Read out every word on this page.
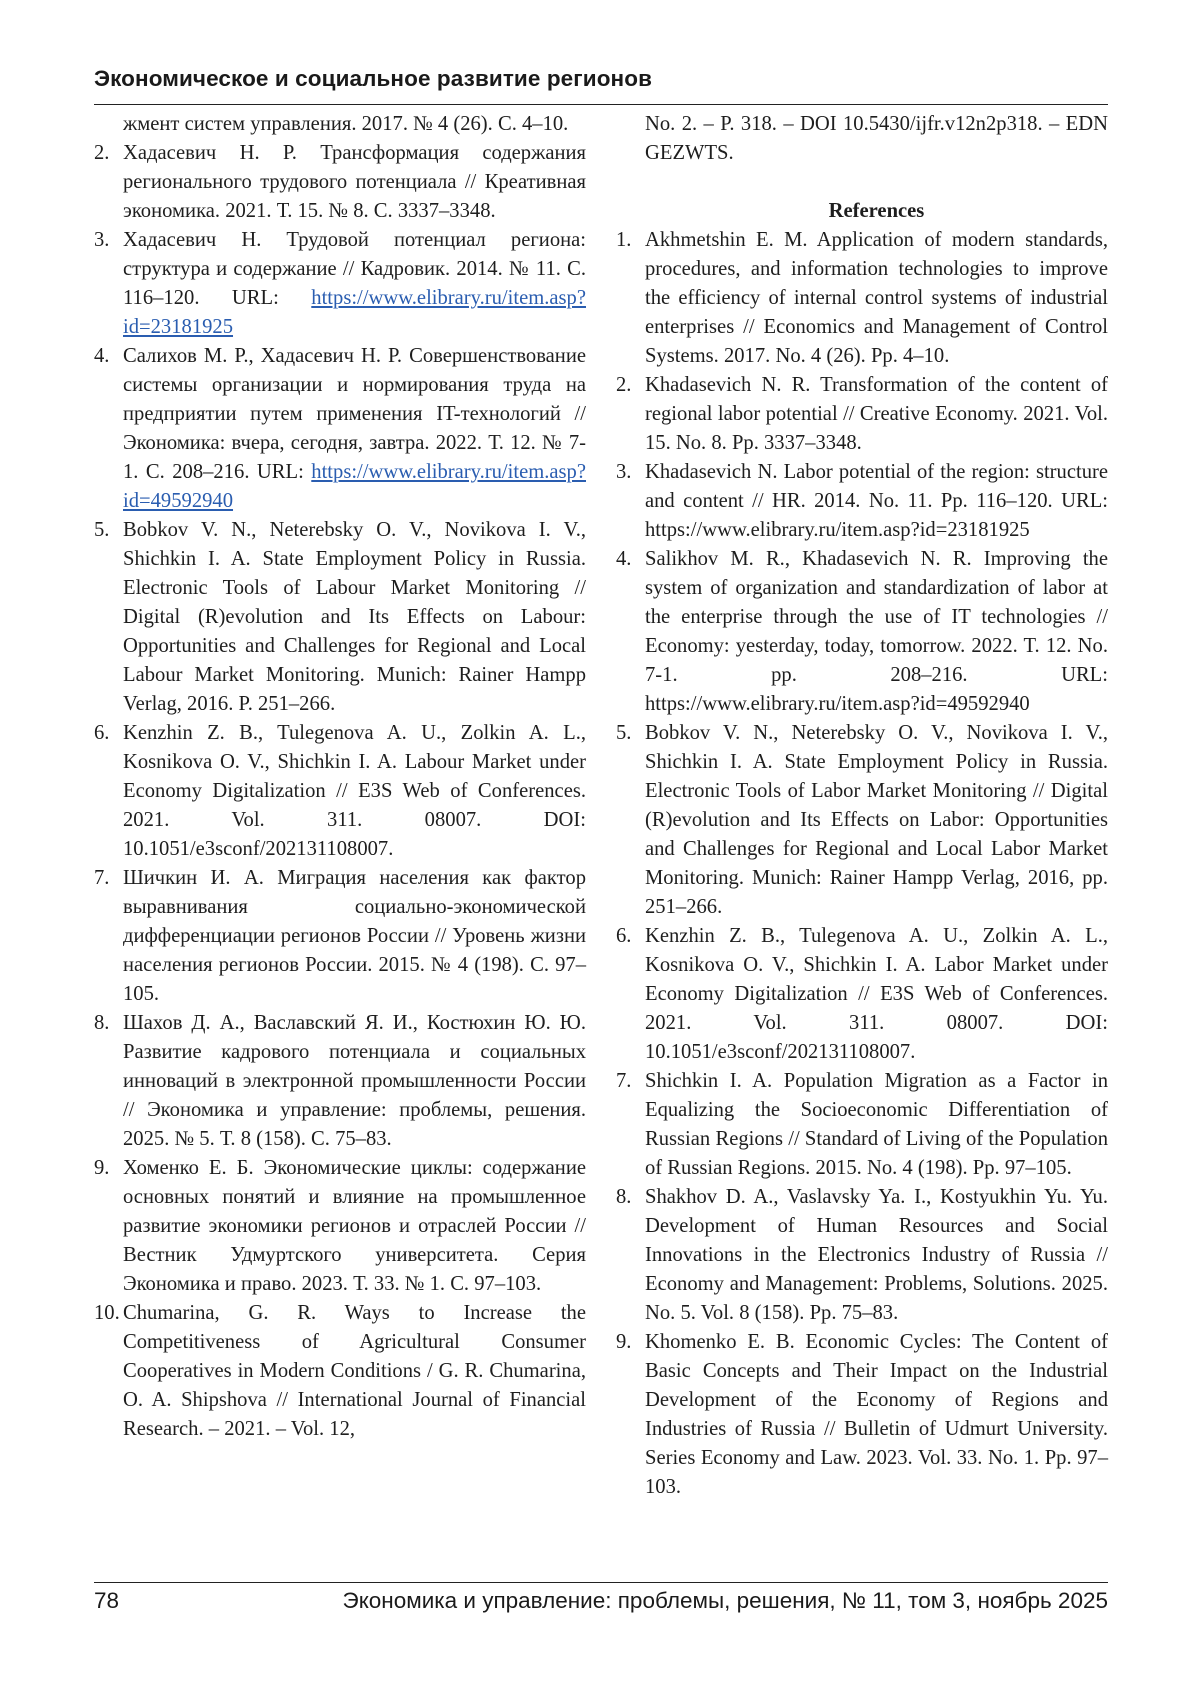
Экономическое и социальное развитие регионов
жмент систем управления. 2017. № 4 (26). С. 4–10.
2. Хадасевич Н. Р. Трансформация содержания регионального трудового потенциала // Креативная экономика. 2021. Т. 15. № 8. С. 3337–3348.
3. Хадасевич Н. Трудовой потенциал региона: структура и содержание // Кадровик. 2014. № 11. С. 116–120. URL: https://www.elibrary.ru/item.asp?id=23181925
4. Салихов М. Р., Хадасевич Н. Р. Совершенствование системы организации и нормирования труда на предприятии путем применения IT-технологий // Экономика: вчера, сегодня, завтра. 2022. Т. 12. № 7-1. С. 208–216. URL: https://www.elibrary.ru/item.asp?id=49592940
5. Bobkov V. N., Neterebsky O. V., Novikova I. V., Shichkin I. A. State Employment Policy in Russia. Electronic Tools of Labour Market Monitoring // Digital (R)evolution and Its Effects on Labour: Opportunities and Challenges for Regional and Local Labour Market Monitoring. Munich: Rainer Hampp Verlag, 2016. P. 251–266.
6. Kenzhin Z. B., Tulegenova A. U., Zolkin A. L., Kosnikova O. V., Shichkin I. A. Labour Market under Economy Digitalization // E3S Web of Conferences. 2021. Vol. 311. 08007. DOI: 10.1051/e3sconf/202131108007.
7. Шичкин И. А. Миграция населения как фактор выравнивания социально-экономической дифференциации регионов России // Уровень жизни населения регионов России. 2015. № 4 (198). С. 97–105.
8. Шахов Д. А., Ваславский Я. И., Костюхин Ю. Ю. Развитие кадрового потенциала и социальных инноваций в электронной промышленности России // Экономика и управление: проблемы, решения. 2025. № 5. Т. 8 (158). С. 75–83.
9. Хоменко Е. Б. Экономические циклы: содержание основных понятий и влияние на промышленное развитие экономики регионов и отраслей России // Вестник Удмуртского университета. Серия Экономика и право. 2023. Т. 33. № 1. С. 97–103.
10. Chumarina, G. R. Ways to Increase the Competitiveness of Agricultural Consumer Cooperatives in Modern Conditions / G. R. Chumarina, O. A. Shipshova // International Journal of Financial Research. – 2021. – Vol. 12,
No. 2. – P. 318. – DOI 10.5430/ijfr.v12n2p318. – EDN GEZWTS.
References
1. Akhmetshin E. M. Application of modern standards, procedures, and information technologies to improve the efficiency of internal control systems of industrial enterprises // Economics and Management of Control Systems. 2017. No. 4 (26). Pp. 4–10.
2. Khadasevich N. R. Transformation of the content of regional labor potential // Creative Economy. 2021. Vol. 15. No. 8. Pp. 3337–3348.
3. Khadasevich N. Labor potential of the region: structure and content // HR. 2014. No. 11. Pp. 116–120. URL: https://www.elibrary.ru/item.asp?id=23181925
4. Salikhov M. R., Khadasevich N. R. Improving the system of organization and standardization of labor at the enterprise through the use of IT technologies // Economy: yesterday, today, tomorrow. 2022. T. 12. No. 7-1. pp. 208–216. URL: https://www.elibrary.ru/item.asp?id=49592940
5. Bobkov V. N., Neterebsky O. V., Novikova I. V., Shichkin I. A. State Employment Policy in Russia. Electronic Tools of Labor Market Monitoring // Digital (R)evolution and Its Effects on Labor: Opportunities and Challenges for Regional and Local Labor Market Monitoring. Munich: Rainer Hampp Verlag, 2016, pp. 251–266.
6. Kenzhin Z. B., Tulegenova A. U., Zolkin A. L., Kosnikova O. V., Shichkin I. A. Labor Market under Economy Digitalization // E3S Web of Conferences. 2021. Vol. 311. 08007. DOI: 10.1051/e3sconf/202131108007.
7. Shichkin I. A. Population Migration as a Factor in Equalizing the Socioeconomic Differentiation of Russian Regions // Standard of Living of the Population of Russian Regions. 2015. No. 4 (198). Pp. 97–105.
8. Shakhov D. A., Vaslavsky Ya. I., Kostyukhin Yu. Yu. Development of Human Resources and Social Innovations in the Electronics Industry of Russia // Economy and Management: Problems, Solutions. 2025. No. 5. Vol. 8 (158). Pp. 75–83.
9. Khomenko E. B. Economic Cycles: The Content of Basic Concepts and Their Impact on the Industrial Development of the Economy of Regions and Industries of Russia // Bulletin of Udmurt University. Series Economy and Law. 2023. Vol. 33. No. 1. Pp. 97–103.
78	Экономика и управление: проблемы, решения, № 11, том 3, ноябрь 2025
